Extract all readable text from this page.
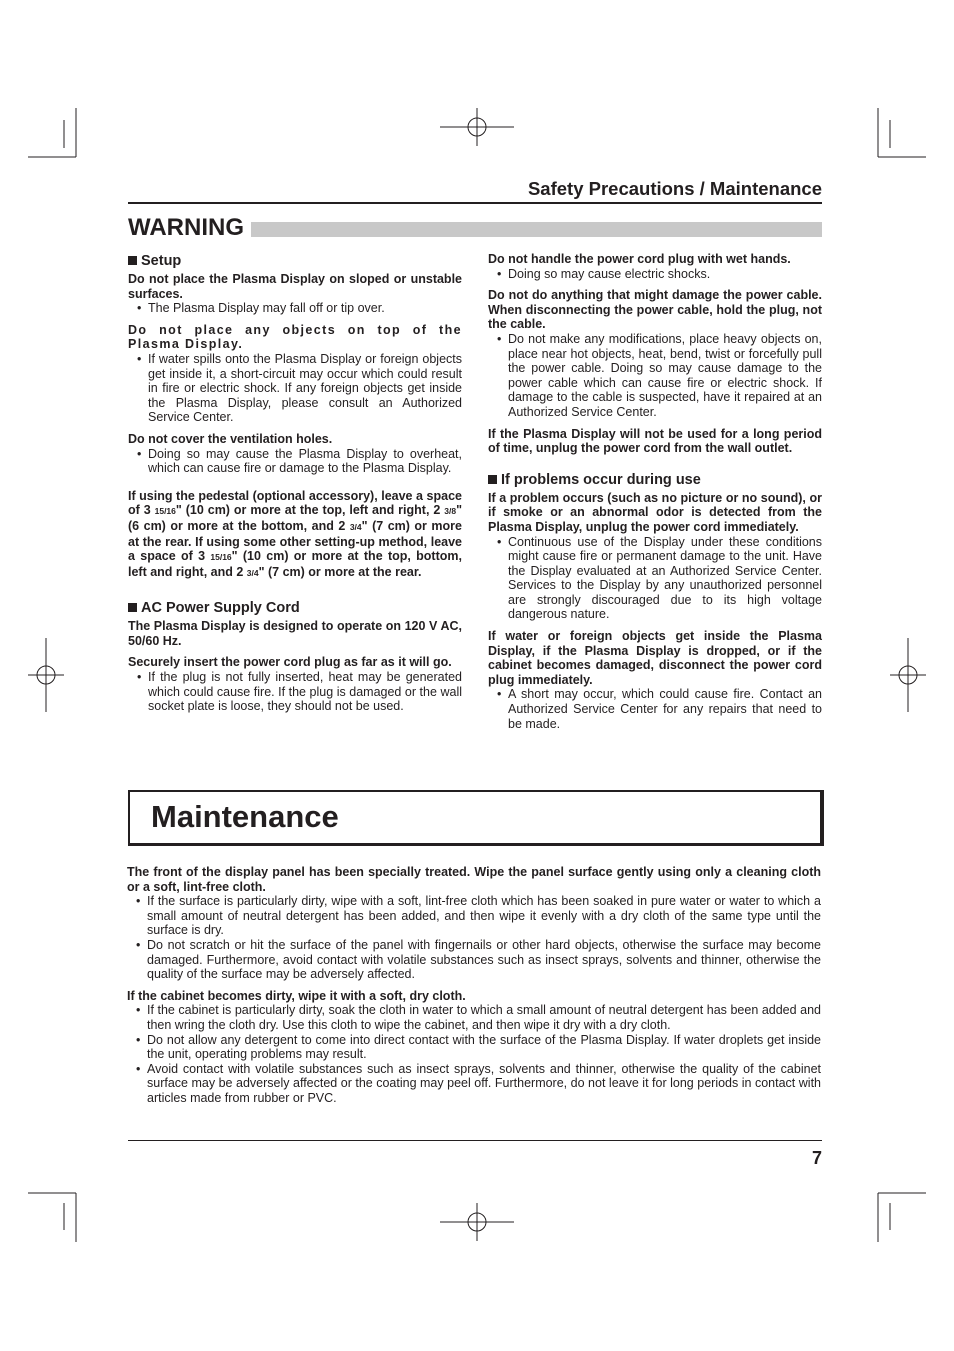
Safety Precautions / Maintenance
WARNING
Setup

Do not place the Plasma Display on sloped or unstable surfaces.

• The Plasma Display may fall off or tip over.

Do not place any objects on top of the Plasma Display.

• If water spills onto the Plasma Display or foreign objects get inside it, a short-circuit may occur which could result in fire or electric shock. If any foreign objects get inside the Plasma Display, please consult an Authorized Service Center.

Do not cover the ventilation holes.

• Doing so may cause the Plasma Display to overheat, which can cause fire or damage to the Plasma Display.

If using the pedestal (optional accessory), leave a space of 3 15/16" (10 cm) or more at the top, left and right, 2 3/8" (6 cm) or more at the bottom, and 2 3/4" (7 cm) or more at the rear. If using some other setting-up method, leave a space of 3 15/16" (10 cm) or more at the top, bottom, left and right, and 2 3/4" (7 cm) or more at the rear.

AC Power Supply Cord

The Plasma Display is designed to operate on 120 V AC, 50/60 Hz.

Securely insert the power cord plug as far as it will go.

• If the plug is not fully inserted, heat may be generated which could cause fire. If the plug is damaged or the wall socket plate is loose, they should not be used.

Do not handle the power cord plug with wet hands.

• Doing so may cause electric shocks.

Do not do anything that might damage the power cable. When disconnecting the power cable, hold the plug, not the cable.

• Do not make any modifications, place heavy objects on, place near hot objects, heat, bend, twist or forcefully pull the power cable. Doing so may cause damage to the power cable which can cause fire or electric shock. If damage to the cable is suspected, have it repaired at an Authorized Service Center.

If the Plasma Display will not be used for a long period of time, unplug the power cord from the wall outlet.

If problems occur during use

If a problem occurs (such as no picture or no sound), or if smoke or an abnormal odor is detected from the Plasma Display, unplug the power cord immediately.

• Continuous use of the Display under these conditions might cause fire or permanent damage to the unit. Have the Display evaluated at an Authorized Service Center. Services to the Display by any unauthorized personnel are strongly discouraged due to its high voltage dangerous nature.

If water or foreign objects get inside the Plasma Display, if the Plasma Display is dropped, or if the cabinet becomes damaged, disconnect the power cord plug immediately.

• A short may occur, which could cause fire. Contact an Authorized Service Center for any repairs that need to be made.
Maintenance

The front of the display panel has been specially treated. Wipe the panel surface gently using only a cleaning cloth or a soft, lint-free cloth.

• If the surface is particularly dirty, wipe with a soft, lint-free cloth which has been soaked in pure water or water to which a small amount of neutral detergent has been added, and then wipe it evenly with a dry cloth of the same type until the surface is dry.
• Do not scratch or hit the surface of the panel with fingernails or other hard objects, otherwise the surface may become damaged. Furthermore, avoid contact with volatile substances such as insect sprays, solvents and thinner, otherwise the quality of the surface may be adversely affected.

If the cabinet becomes dirty, wipe it with a soft, dry cloth.

• If the cabinet is particularly dirty, soak the cloth in water to which a small amount of neutral detergent has been added and then wring the cloth dry. Use this cloth to wipe the cabinet, and then wipe it dry with a dry cloth.
• Do not allow any detergent to come into direct contact with the surface of the Plasma Display. If water droplets get inside the unit, operating problems may result.
• Avoid contact with volatile substances such as insect sprays, solvents and thinner, otherwise the quality of the cabinet surface may be adversely affected or the coating may peel off. Furthermore, do not leave it for long periods in contact with articles made from rubber or PVC.
7
